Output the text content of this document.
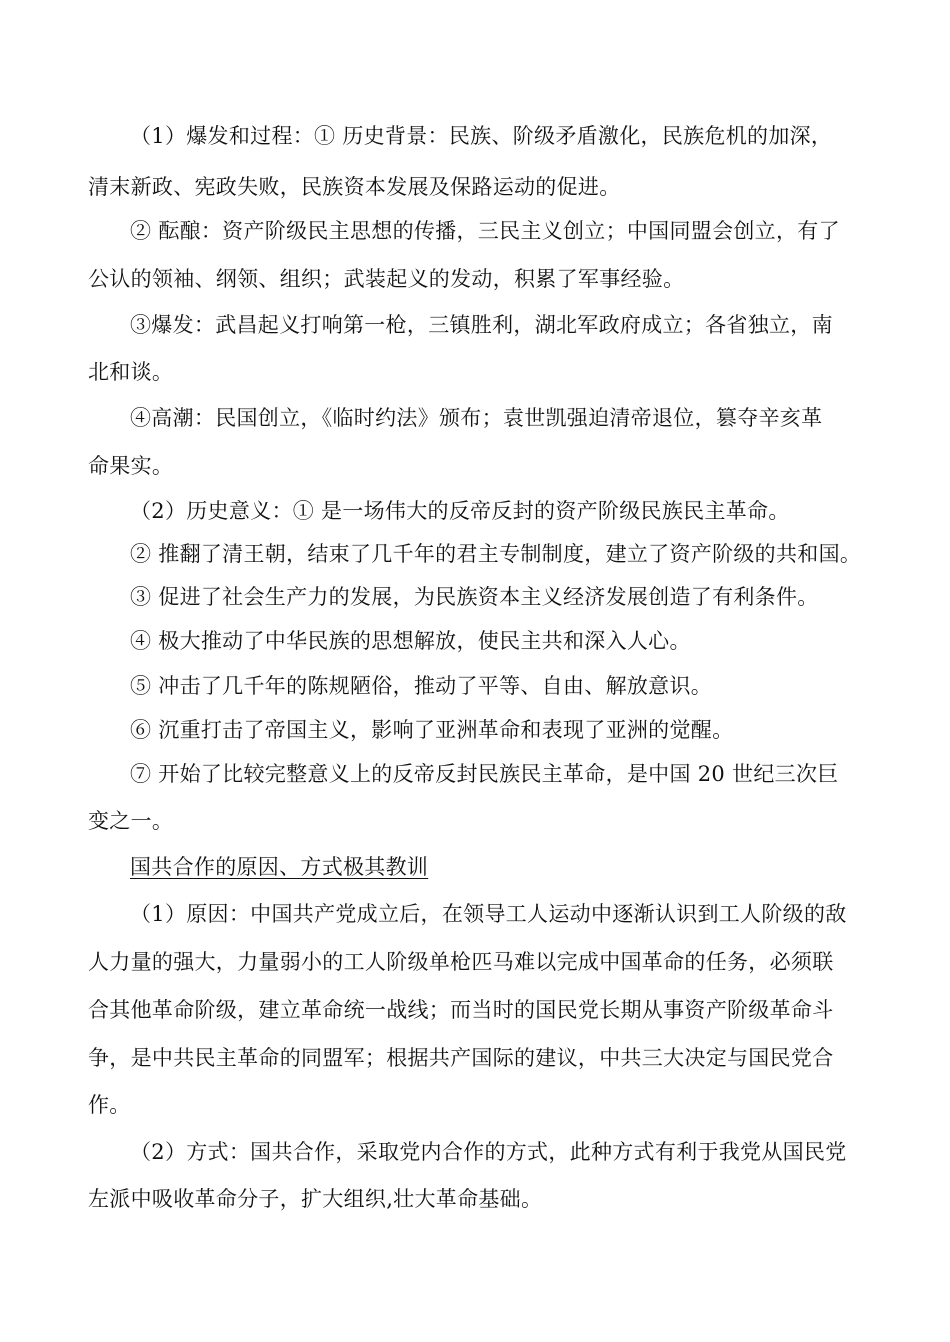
（1）爆发和过程：① 历史背景：民族、阶级矛盾激化，民族危机的加深，
清末新政、宪政失败，民族资本发展及保路运动的促进。
② 酝酿：资产阶级民主思想的传播，三民主义创立；中国同盟会创立，有了
公认的领袖、纲领、组织；武装起义的发动，积累了军事经验。
③爆发：武昌起义打响第一枪，三镇胜利，湖北军政府成立；各省独立，南
北和谈。
④高潮：民国创立，《临时约法》颁布；袁世凯强迫清帝退位，篡夺辛亥革
命果实。
（2）历史意义：① 是一场伟大的反帝反封的资产阶级民族民主革命。
② 推翻了清王朝，结束了几千年的君主专制制度，建立了资产阶级的共和国。
③ 促进了社会生产力的发展，为民族资本主义经济发展创造了有利条件。
④ 极大推动了中华民族的思想解放，使民主共和深入人心。
⑤ 冲击了几千年的陈规陋俗，推动了平等、自由、解放意识。
⑥ 沉重打击了帝国主义，影响了亚洲革命和表现了亚洲的觉醒。
⑦ 开始了比较完整意义上的反帝反封民族民主革命，是中国 20 世纪三次巨
变之一。
国共合作的原因、方式极其教训
（1）原因：中国共产党成立后，在领导工人运动中逐渐认识到工人阶级的敌
人力量的强大，力量弱小的工人阶级单枪匹马难以完成中国革命的任务，必须联
合其他革命阶级，建立革命统一战线；而当时的国民党长期从事资产阶级革命斗
争，是中共民主革命的同盟军；根据共产国际的建议，中共三大决定与国民党合
作。
（2）方式：国共合作，采取党内合作的方式，此种方式有利于我党从国民党
左派中吸收革命分子，扩大组织,壮大革命基础。
